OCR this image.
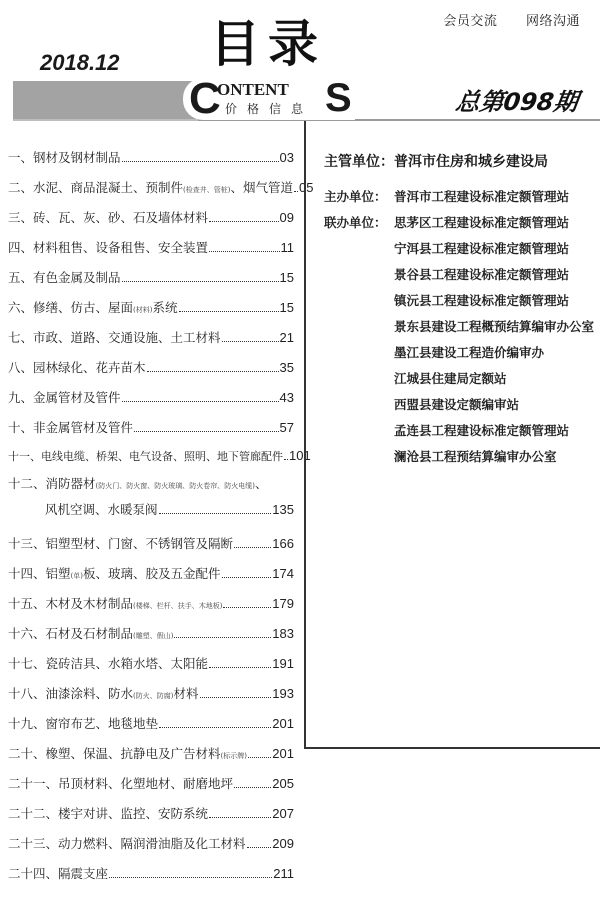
会员交流 网络沟通
2018.12 目录
C
ONTENT
价格信息 S	总第098期
一、钢材及钢材制品	03
二、水泥、商品混凝土、预制件 (检查井、管桩) 、烟气管道 05
三、砖、瓦、灰、砂、石及墙体材料	09
四、材料租售、设备租售、安全装置	11
五、有色金属及制品	15
六、修缮、仿古、屋面 (材料) 系统	15
七、市政、道路、交通设施、土工材料	21
八、园林绿化、花卉苗木	35
九、金属管材及管件	43
十、非金属管材及管件	57
十一、电线电缆、桥架、电气设备、照明、地下管廊配件 101
十二、消防器材 (防火门、防火窗、防火玻璃、防火卷帘、防火电缆) 、
风机空调、水暖泵阀	135
十三、铝塑型材、门窗、不锈钢管及隔断	166
十四、铝塑 (单) 板、玻璃、胶及五金配件	174
十五、木材及木材制品 (楼梯、栏杆、扶手、木地板)	179
十六、石材及石材制品 (雕塑、假山)	183
十七、瓷砖洁具、水箱水塔、太阳能	191
十八、油漆涂料、防水 (防火、防腐) 材料	193
十九、窗帘布艺、地毯地垫	201
二十、橡塑、保温、抗静电及广告材料 (标示牌) 201
二十一、吊顶材料、化塑地材、耐磨地坪	205
二十二、楼宇对讲、监控、安防系统	207
二十三、动力燃料、隔润滑油脂及化工材料 209
二十四、隔震支座	211
主管单位：普洱市住房和城乡建设局
主办单位： 普洱市工程建设标准定额管理站
联办单位： 思茅区工程建设标准定额管理站
宁洱县工程建设标准定额管理站
景谷县工程建设标准定额管理站
镇沅县工程建设标准定额管理站
景东县建设工程概预结算编审办公室
墨江县建设工程造价编审办
江城县住建局定额站
西盟县建设定额编审站
孟连县工程建设标准定额管理站
澜沧县工程预结算编审办公室
